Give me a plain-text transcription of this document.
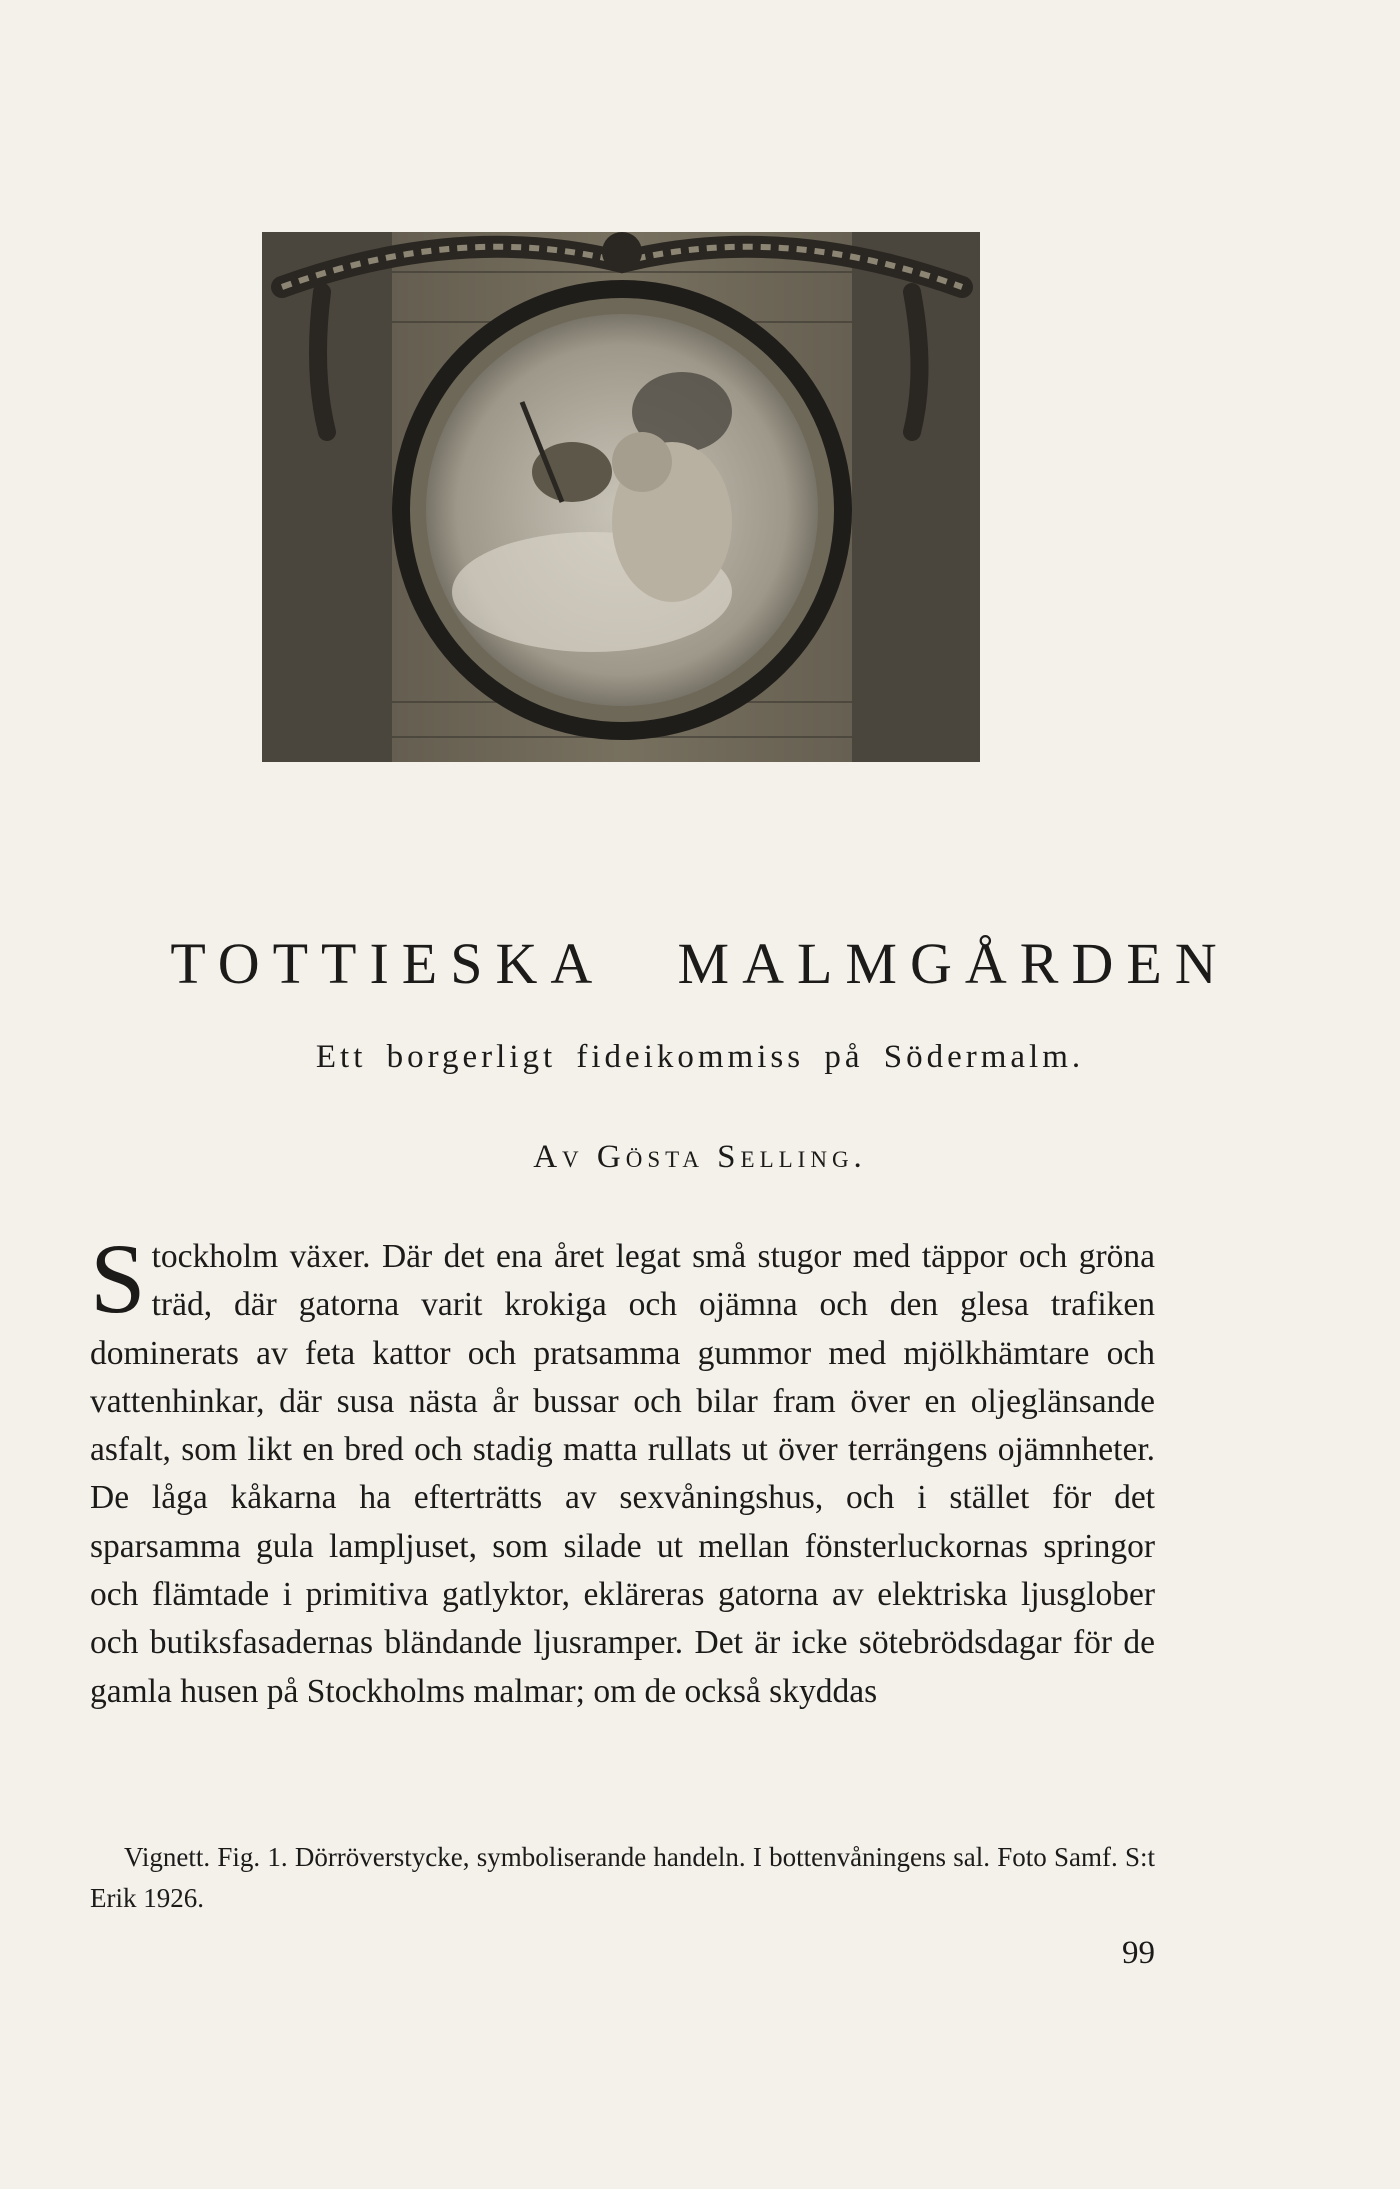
TOTTIESKA MALMGÅRDEN

Ett borgerligt fideikommiss på Södermalm.

Av Gösta Selling.

Stockholm växer. Där det ena året legat små stugor med täppor och gröna träd, där gatorna varit krokiga och ojämna och den glesa trafiken dominerats av feta kattor och pratsamma gummor med mjölkhämtare och vattenhinkar, där susa nästa år bussar och bilar fram över en oljeglänsande asfalt, som likt en bred och stadig matta rullats ut över terrängens ojämnheter. De låga kåkarna ha efterträtts av sexvåningshus, och i stället för det sparsamma gula lampljuset, som silade ut mellan fönsterluckornas springor och flämtade i primitiva gatlyktor, ekläreras gatorna av elektriska ljusglober och butiksfasadernas bländande ljusramper. Det är icke sötebrödsdagar för de gamla husen på Stockholms malmar; om de också skyddas

Vignett. Fig. 1. Dörröverstycke, symboliserande handeln. I bottenvåningens sal. Foto Samf. S:t Erik 1926.

99
